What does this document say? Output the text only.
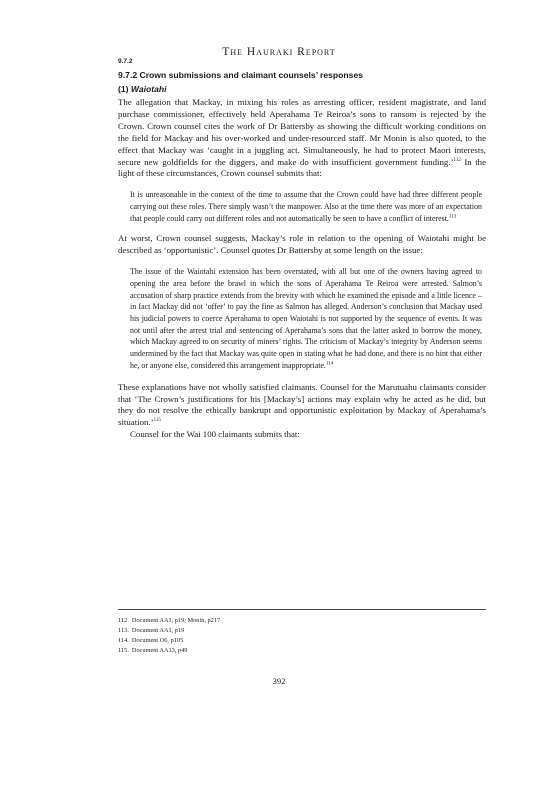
The Hauraki Report
9.7.2
9.7.2 Crown submissions and claimant counsels’ responses
(1) Waiotahi

The allegation that Mackay, in mixing his roles as arresting officer, resident magistrate, and land purchase commissioner, effectively held Aperahama Te Reiroa’s sons to ransom is rejected by the Crown. Crown counsel cites the work of Dr Battersby as showing the difficult working conditions on the field for Mackay and his over-worked and under-resourced staff. Mr Monin is also quoted, to the effect that Mackay was ‘caught in a juggling act. Simultaneously, he had to protect Maori interests, secure new goldfields for the diggers, and make do with insufficient government funding.’$^{112}$ In the light of these circumstances, Crown counsel submits that:

It is unreasonable in the context of the time to assume that the Crown could have had three different people carrying out these roles. There simply wasn’t the manpower. Also at the time there was more of an expectation that people could carry out different roles and not automatically be seen to have a conflict of interest.$^{113}$

At worst, Crown counsel suggests, Mackay’s role in relation to the opening of Waiotahi might be described as ‘opportunistic’. Counsel quotes Dr Battersby at some length on the issue:

The issue of the Waiotahi extension has been overstated, with all but one of the owners having agreed to opening the area before the brawl in which the sons of Aperahama Te Reiroa were arrested. Salmon’s accusation of sharp practice extends from the brevity with which he examined the episode and a little licence – in fact Mackay did not ‘offer’ to pay the fine as Salmon has alleged. Anderson’s conclusion that Mackay used his judicial powers to coerce Aperahama to open Waiotahi is not supported by the sequence of events. It was not until after the arrest trial and sentencing of Aperahama’s sons that the latter asked to borrow the money, which Mackay agreed to on security of miners’ rights. The criticism of Mackay’s integrity by Anderson seems undermined by the fact that Mackay was quite open in stating what he had done, and there is no hint that either he, or anyone else, considered this arrangement inappropriate.$^{114}$

These explanations have not wholly satisfied claimants. Counsel for the Marutuahu claimants consider that ‘The Crown’s justifications for his [Mackay’s] actions may explain why he acted as he did, but they do not resolve the ethically bankrupt and opportunistic exploitation by Mackay of Aperahama’s situation.’$^{115}$

Counsel for the Wai 100 claimants submits that:

112. Document AA1, p19; Monin, p217
113. Document AA1, p19
114. Document O6, p105
115. Document AA13, p49
392
